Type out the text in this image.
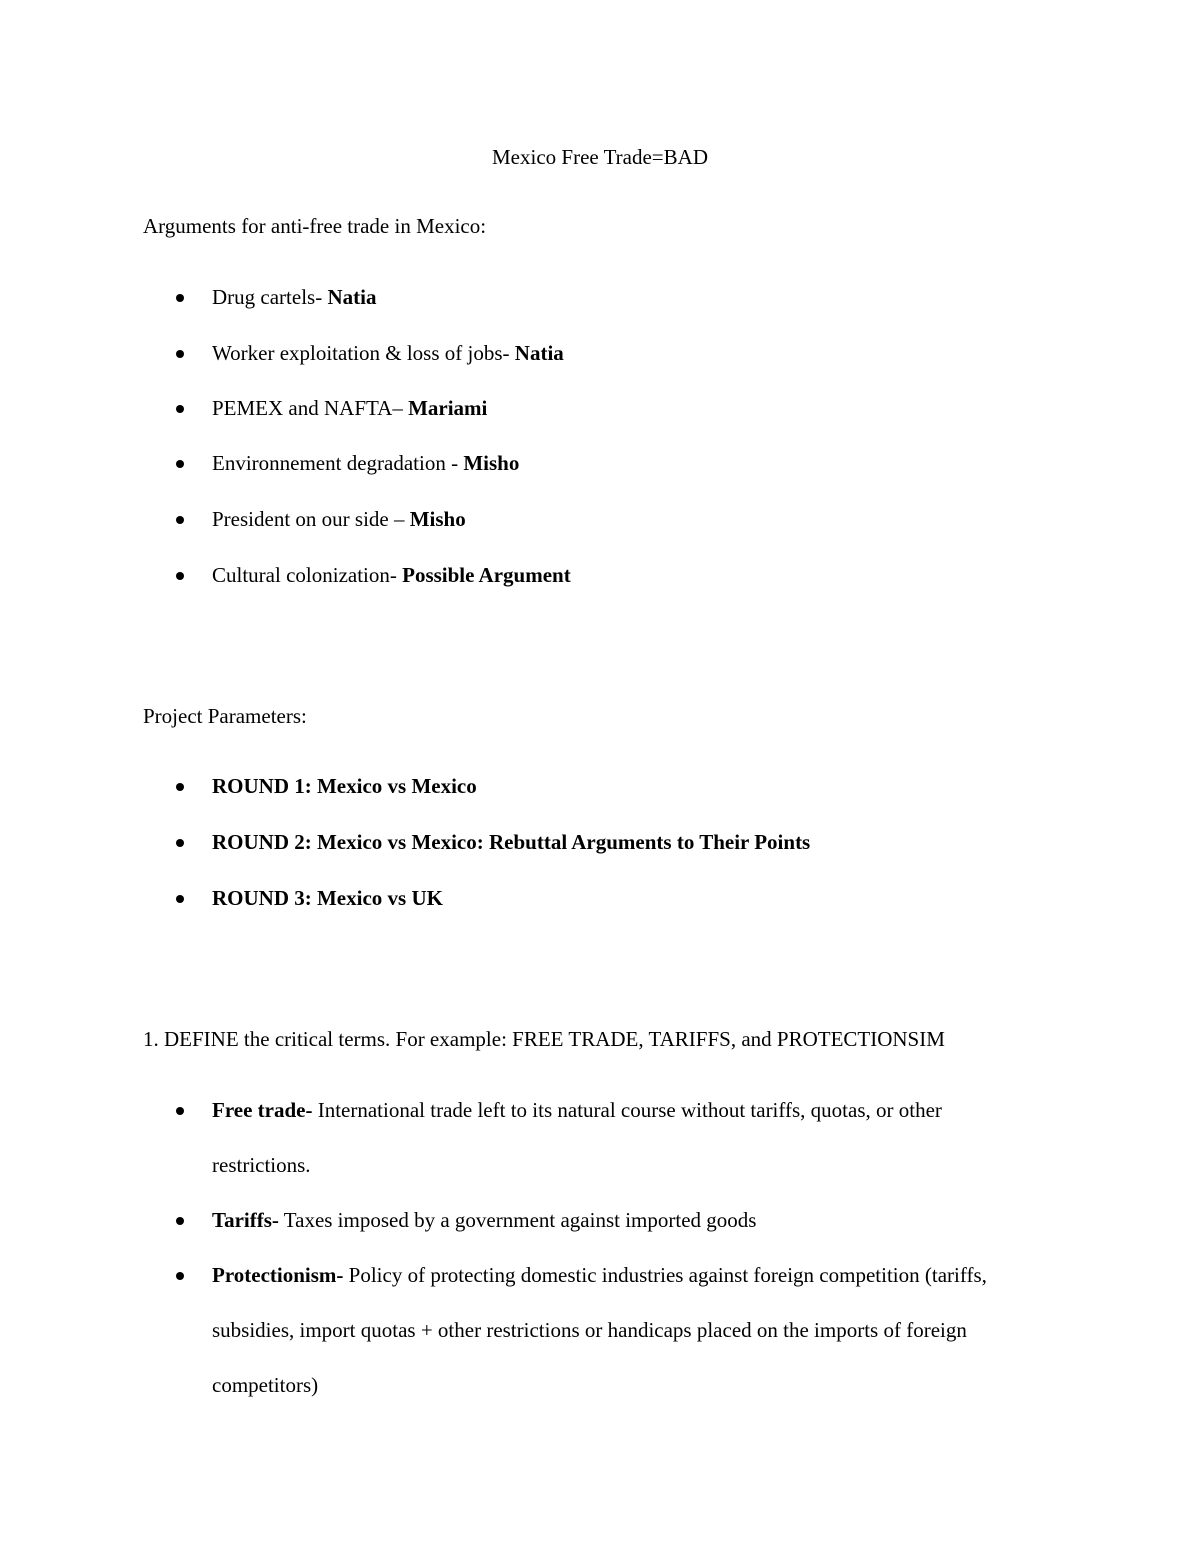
Mexico Free Trade=BAD
Arguments for anti-free trade in Mexico:
Drug cartels- Natia
Worker exploitation & loss of jobs- Natia
PEMEX and NAFTA– Mariami
Environnement degradation - Misho
President on our side – Misho
Cultural colonization- Possible Argument
Project Parameters:
ROUND 1: Mexico vs Mexico
ROUND 2: Mexico vs Mexico: Rebuttal Arguments to Their Points
ROUND 3: Mexico vs UK
1. DEFINE the critical terms. For example: FREE TRADE, TARIFFS, and PROTECTIONSIM
Free trade- International trade left to its natural course without tariffs, quotas, or other restrictions.
Tariffs- Taxes imposed by a government against imported goods
Protectionism- Policy of protecting domestic industries against foreign competition (tariffs, subsidies, import quotas + other restrictions or handicaps placed on the imports of foreign competitors)
